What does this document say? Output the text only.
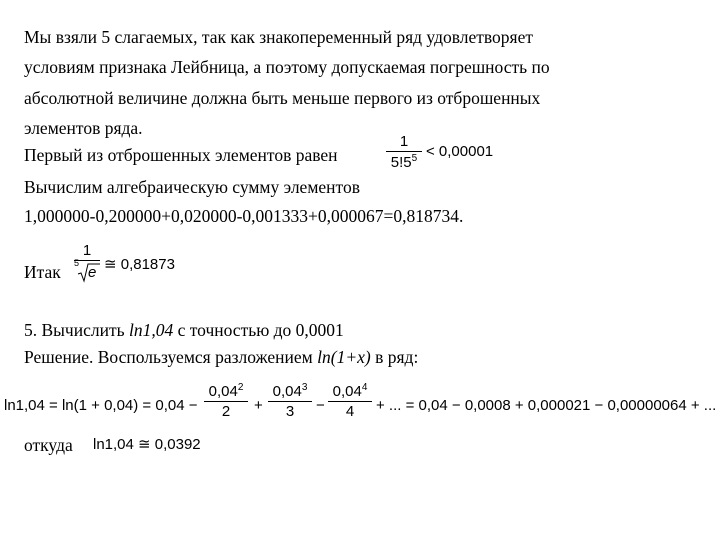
Мы взяли 5 слагаемых, так как знакопеременный ряд удовлетворяет
условиям признака Лейбница, а поэтому допускаемая погрешность по
абсолютной величине должна быть меньше первого из отброшенных
элементов ряда.
Первый из отброшенных элементов равен
1
$5!5^5 < 0,00001$
Вычислим алгебраическую сумму элементов
1,000000-0,200000+0,020000-0,001333+0,000067=0,818734.
Итак
1
5
e ≅ 0,81873
5. Вычислить ln1,04 с точностью до 0,0001
Решение. Воспользуемся разложением ln(1+x) в ряд:
ln1,04 = ln(1 + 0,04) = 0,04 −
$0,04^2$
2	+
$0,04^3$
3	−
$0,04^4$
4	+ ... = 0,04 − 0,0008 + 0,000021 − 0,00000064 + ...
откуда ln1,04 ≅ 0,0392
